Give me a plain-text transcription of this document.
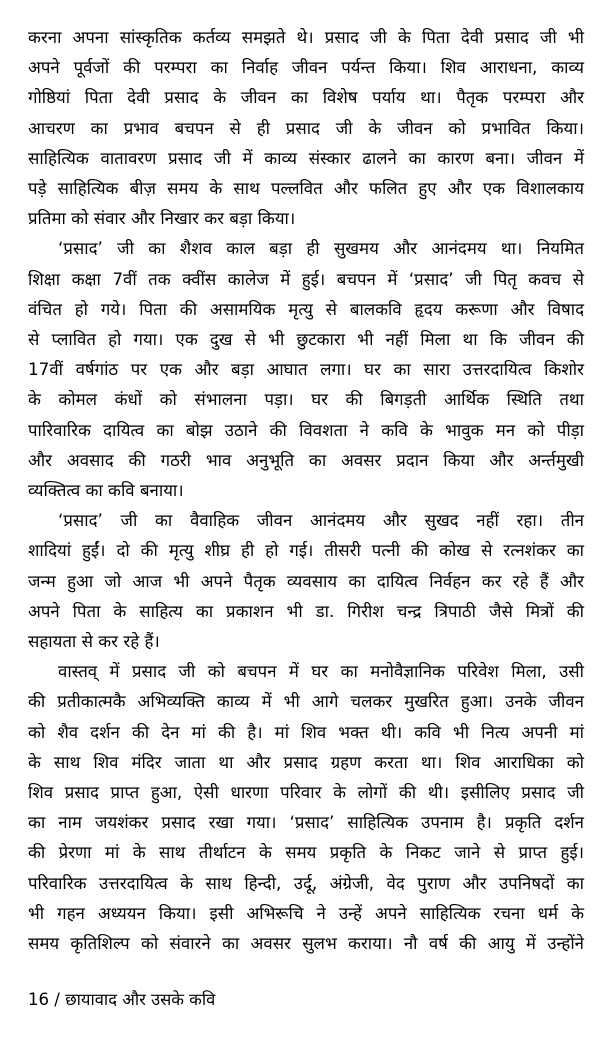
करना अपना सांस्कृतिक कर्तव्य समझते थे। प्रसाद जी के पिता देवी प्रसाद जी भी

अपने पूर्वजों की परम्परा का निर्वाह जीवन पर्यन्त किया। शिव आराधना, काव्य

गोष्ठियां पिता देवी प्रसाद के जीवन का विशेष पर्याय था। पैतृक परम्परा और

आचरण का प्रभाव बचपन से ही प्रसाद जी के जीवन को प्रभावित किया।

साहित्यिक वातावरण प्रसाद जी में काव्य संस्कार ढालने का कारण बना। जीवन में

पड़े साहित्यिक बीज़ समय के साथ पल्लवित और फलित हुए और एक विशालकाय

प्रतिमा को संवार और निखार कर बड़ा किया।

‘प्रसाद’ जी का शैशव काल बड़ा ही सुखमय और आनंदमय था। नियमित

शिक्षा कक्षा 7वीं तक क्वींस कालेज में हुई। बचपन में ‘प्रसाद’ जी पितृ कवच से

वंचित हो गये। पिता की असामयिक मृत्यु से बालकवि हृदय करूणा और विषाद

से प्लावित हो गया। एक दुख से भी छुटकारा भी नहीं मिला था कि जीवन की

17वीं वर्षगांठ पर एक और बड़ा आघात लगा। घर का सारा उत्तरदायित्व किशोर

के कोमल कंधों को संभालना पड़ा। घर की बिगड़ती आर्थिक स्थिति तथा

पारिवारिक दायित्व का बोझ उठाने की विवशता ने कवि के भावुक मन को पीड़ा

और अवसाद की गठरी भाव अनुभूति का अवसर प्रदान किया और अर्न्तमुखी

व्यक्तित्व का कवि बनाया।

‘प्रसाद’ जी का वैवाहिक जीवन आनंदमय और सुखद नहीं रहा। तीन

शादियां हुईं। दो की मृत्यु शीघ्र ही हो गई। तीसरी पत्नी की कोख से रत्नशंकर का

जन्म हुआ जो आज भी अपने पैतृक व्यवसाय का दायित्व निर्वहन कर रहे हैं और

अपने पिता के साहित्य का प्रकाशन भी डा. गिरीश चन्द्र त्रिपाठी जैसे मित्रों की

सहायता से कर रहे हैं।

वास्तव् में प्रसाद जी को बचपन में घर का मनोवैज्ञानिक परिवेश मिला, उसी

की प्रतीकात्मकै अभिव्यक्ति काव्य में भी आगे चलकर मुखरित हुआ। उनके जीवन

को शैव दर्शन की देन मां की है। मां शिव भक्त थी। कवि भी नित्य अपनी मां

के साथ शिव मंदिर जाता था और प्रसाद ग्रहण करता था। शिव आराधिका को

शिव प्रसाद प्राप्त हुआ, ऐसी धारणा परिवार के लोगों की थी। इसीलिए प्रसाद जी

का नाम जयशंकर प्रसाद रखा गया। ‘प्रसाद’ साहित्यिक उपनाम है। प्रकृति दर्शन

की प्रेरणा मां के साथ तीर्थाटन के समय प्रकृति के निकट जाने से प्राप्त हुई।

परिवारिक उत्तरदायित्व के साथ हिन्दी, उर्दू, अंग्रेजी, वेद पुराण और उपनिषदों का

भी गहन अध्ययन किया। इसी अभिरूचि ने उन्हें अपने साहित्यिक रचना धर्म के

समय कृतिशिल्प को संवारने का अवसर सुलभ कराया। नौ वर्ष की आयु में उन्होंने

16 / छायावाद और उसके कवि
